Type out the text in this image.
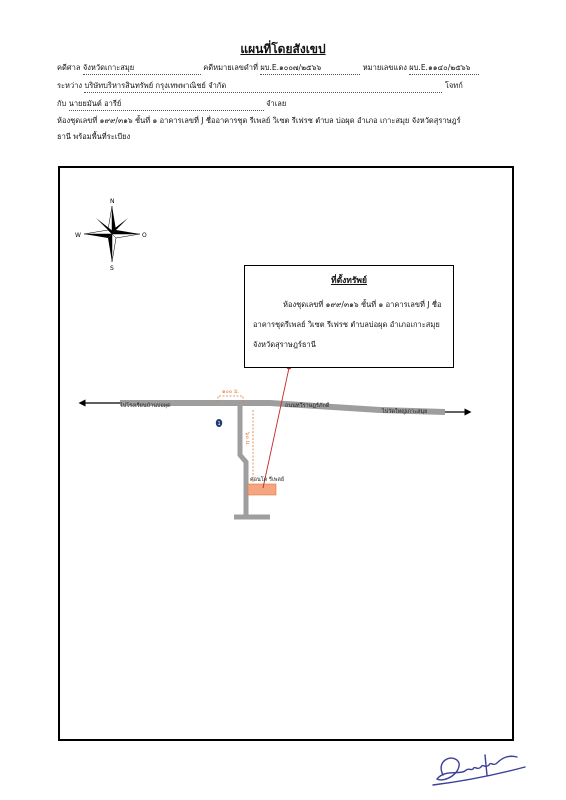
แผนที่โดยสังเขป
คดีศาล จังหวัดเกาะสมุย	คดีหมายเลขดำที่ ผบ.E.๑๐๐๗/๒๕๖๖	หมายเลขแดง ผบ.E.๑๑๔๐/๒๕๖๖
ระหว่าง บริษัทบริหารสินทรัพย์ กรุงเทพพาณิชย์ จำกัด	โจทก์
กับ นายยมันต์ อารีย์	จำเลย
ห้องชุดเลขที่ ๑๙๙/๓๑๖ ชั้นที่ ๑ อาคารเลขที่ J ชื่ออาคารชุด รีเพลย์ วิเซต รีเฟรช ตำบล บ่อผุด อำเภอ เกาะสมุย จังหวัดสุราษฎร์
ธานี พร้อมพื้นที่ระเบียง
N
S
O
W
1
ไปโรงเรียนบ้านบ่อผุด	ถนนทวีราษฎร์ภักดี
ไปวัดใหญ่เกาะสมุย
๑๐๐ ม.
๖๐ ม.
คอนโด รีเพลย์
ที่ตั้งทรัพย์
ห้องชุดเลขที่ ๑๙๙/๓๑๖ ชั้นที่ ๑ อาคารเลขที่ J ชื่ออาคารชุดรีเพลย์ วิเซต รีเฟรช ตำบลบ่อผุด อำเภอเกาะสมุย จังหวัดสุราษฎร์ธานี
